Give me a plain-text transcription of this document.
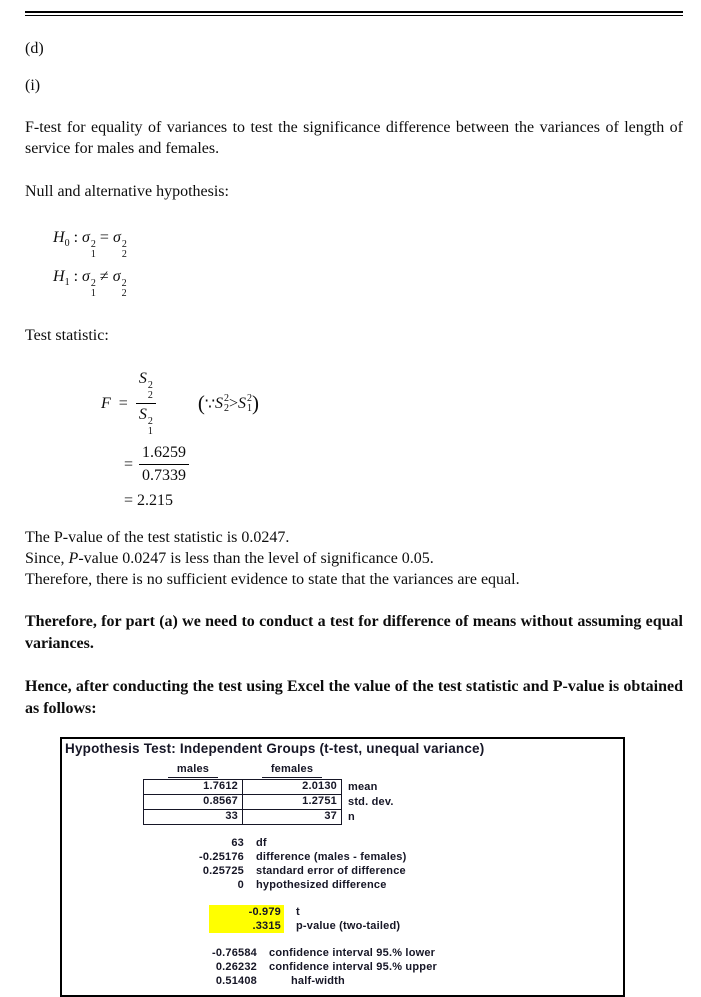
(d)
(i)

F-test for equality of variances to test the significance difference between the variances of length of service for males and females.

Null and alternative hypothesis:

$H_0$ : σ 2
1
= σ 2
2
$H_1$ : σ 2
1
≠ σ 2
2

Test statistic:

F = S 2
2
S 2
1 ( ∵ S 2
2 > S 2
1 )
= $\frac{1.6259}{0.7339}$
= 2.215
The P-value of the test statistic is 0.0247.
Since, P-value 0.0247 is less than the level of significance 0.05.
Therefore, there is no sufficient evidence to state that the variances are equal.

Therefore, for part (a) we need to conduct a test for difference of means without assuming equal variances.

Hence, after conducting the test using Excel the value of the test statistic and P-value is obtained as follows:

Hypothesis Test: Independent Groups (t-test, unequal variance)
males	females	
1.7612	2.0130	mean
0.8567	1.2751	std. dev.
33	37	n
63 df
-0.25176 difference (males - females)
0.25725 standard error of difference
0 hypothesized difference
-0.979 t
.3315 p-value (two-tailed)
-0.76584 confidence interval 95.% lower
0.26232 confidence interval 95.% upper
0.51408	half-width
